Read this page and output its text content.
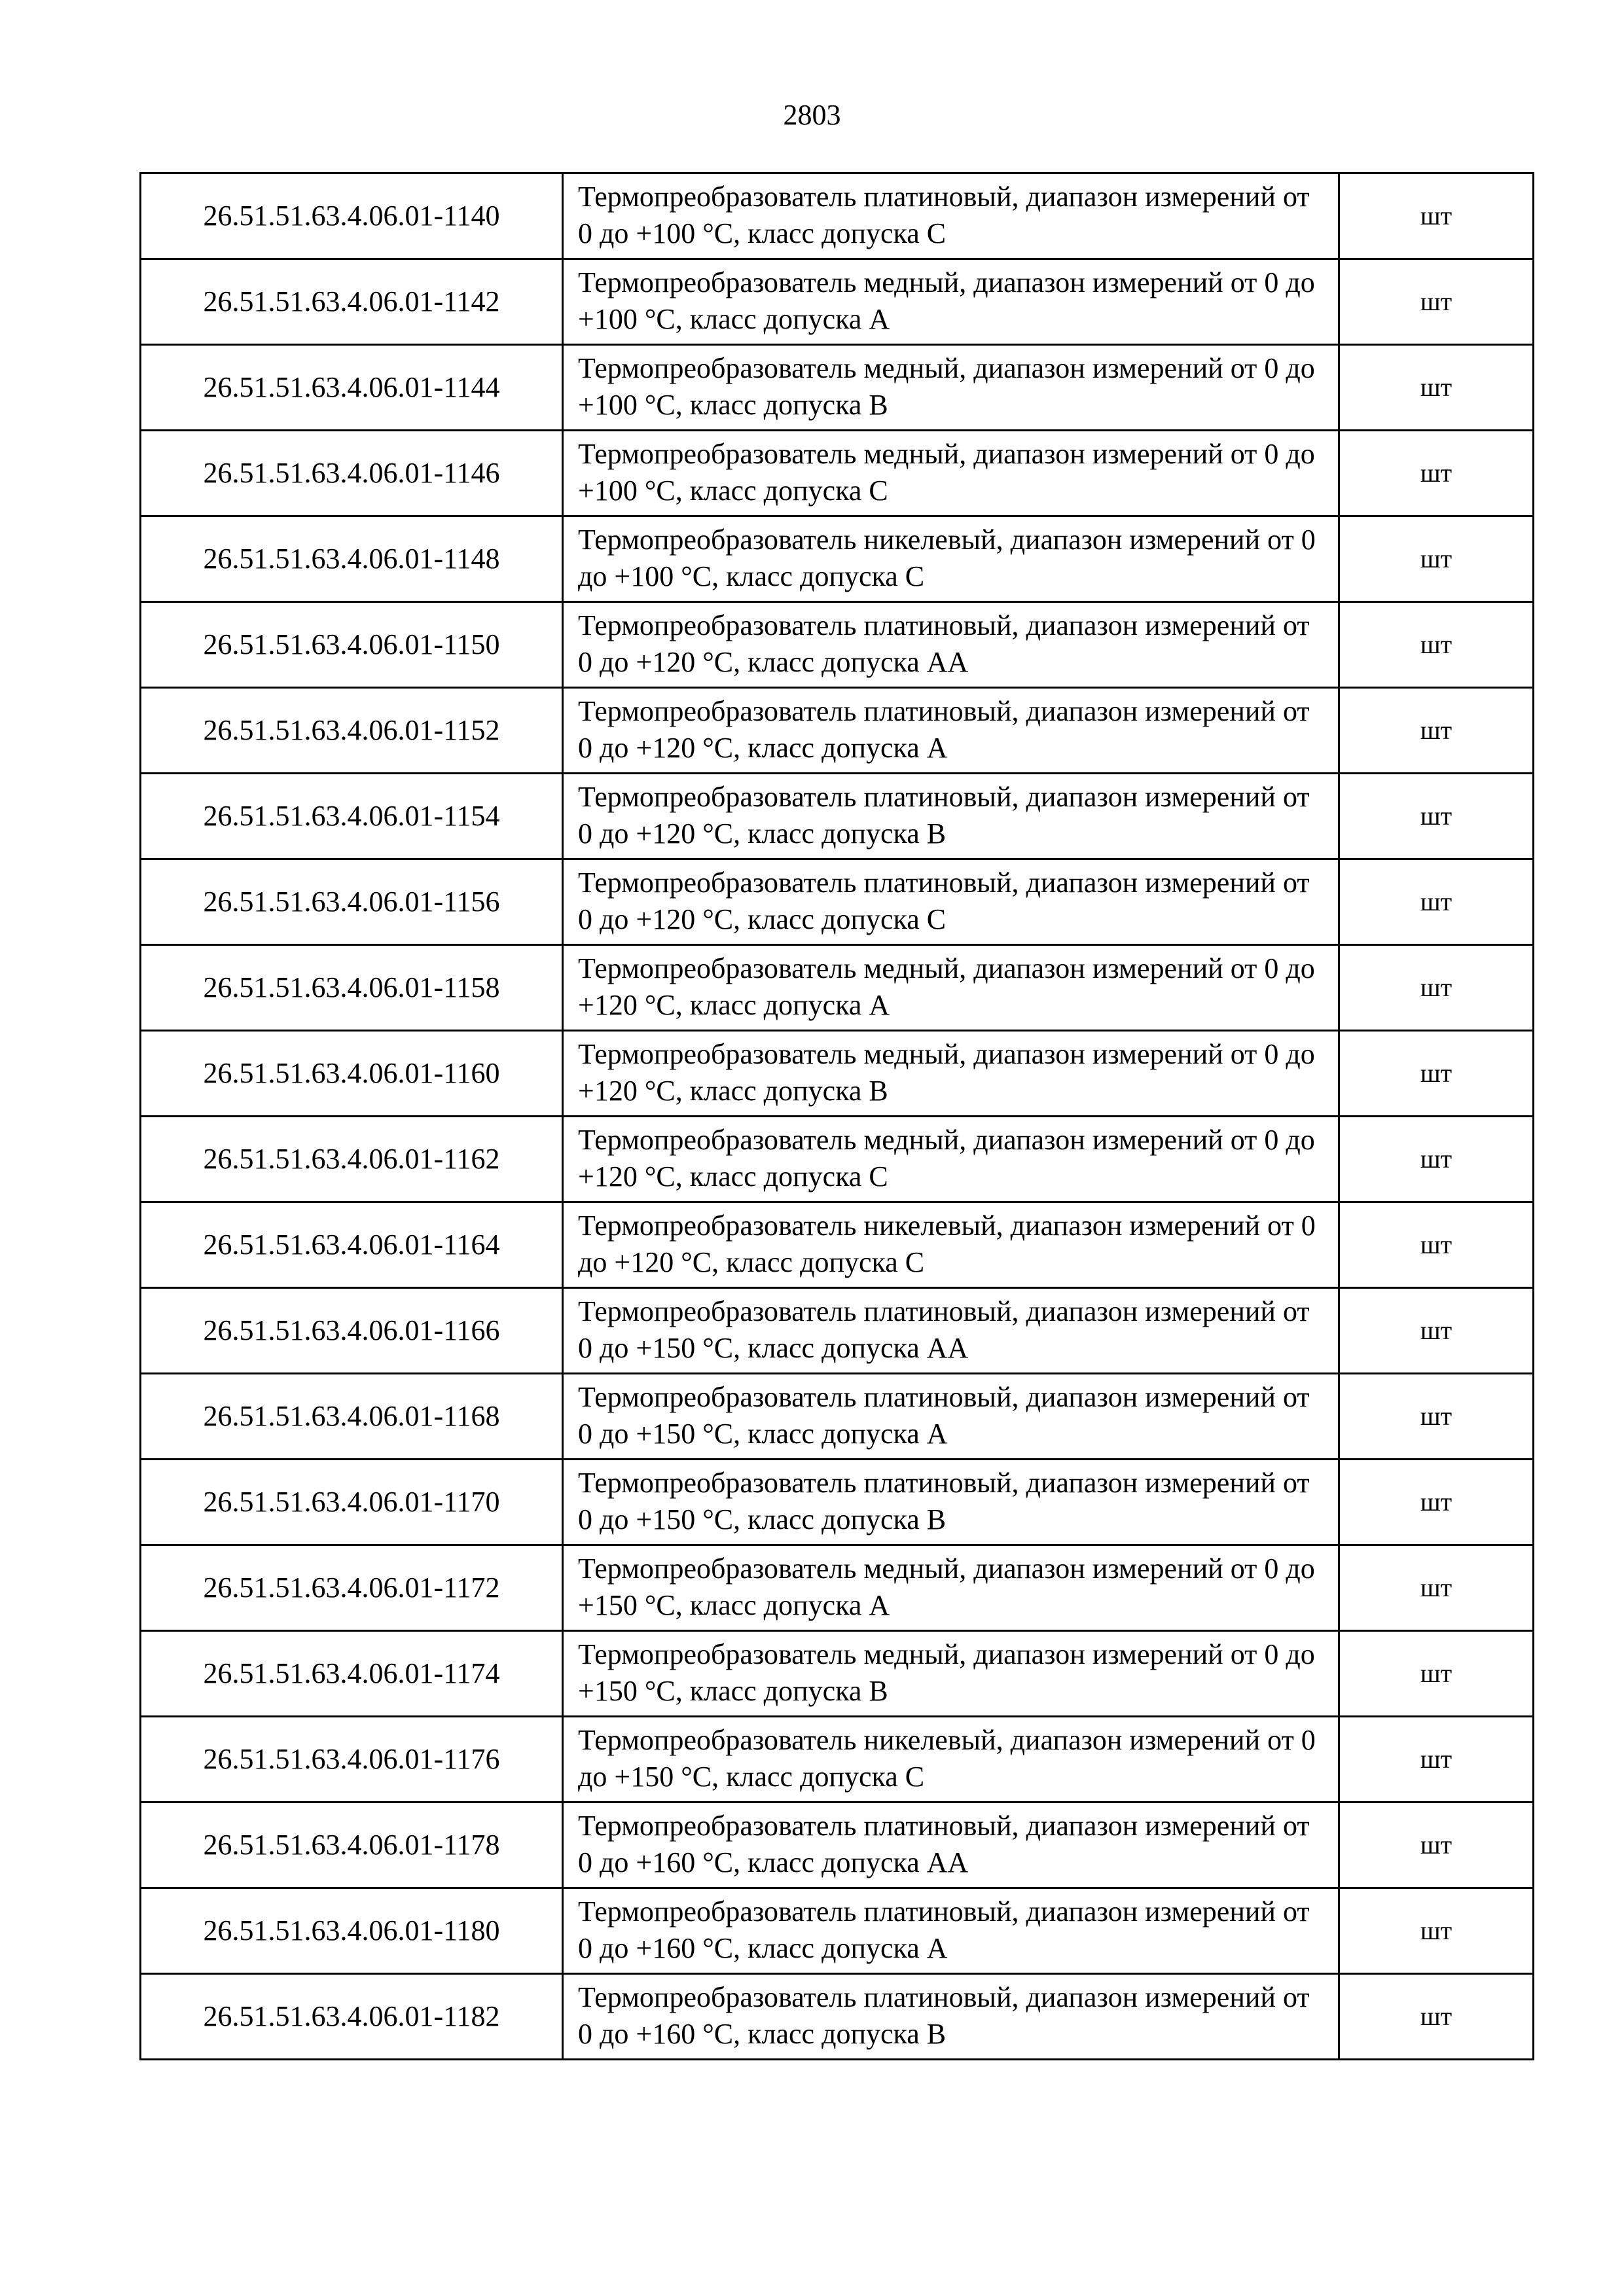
2803
26.51.51.63.4.06.01-1140	Термопреобразователь платиновый, диапазон измерений от 0 до +100 °C, класс допуска C	шт
26.51.51.63.4.06.01-1142	Термопреобразователь медный, диапазон измерений от 0 до +100 °C, класс допуска A	шт
26.51.51.63.4.06.01-1144	Термопреобразователь медный, диапазон измерений от 0 до +100 °C, класс допуска B	шт
26.51.51.63.4.06.01-1146	Термопреобразователь медный, диапазон измерений от 0 до +100 °C, класс допуска C	шт
26.51.51.63.4.06.01-1148	Термопреобразователь никелевый, диапазон измерений от 0 до +100 °C, класс допуска C	шт
26.51.51.63.4.06.01-1150	Термопреобразователь платиновый, диапазон измерений от 0 до +120 °C, класс допуска AA	шт
26.51.51.63.4.06.01-1152	Термопреобразователь платиновый, диапазон измерений от 0 до +120 °C, класс допуска A	шт
26.51.51.63.4.06.01-1154	Термопреобразователь платиновый, диапазон измерений от 0 до +120 °C, класс допуска B	шт
26.51.51.63.4.06.01-1156	Термопреобразователь платиновый, диапазон измерений от 0 до +120 °C, класс допуска C	шт
26.51.51.63.4.06.01-1158	Термопреобразователь медный, диапазон измерений от 0 до +120 °C, класс допуска A	шт
26.51.51.63.4.06.01-1160	Термопреобразователь медный, диапазон измерений от 0 до +120 °C, класс допуска B	шт
26.51.51.63.4.06.01-1162	Термопреобразователь медный, диапазон измерений от 0 до +120 °C, класс допуска C	шт
26.51.51.63.4.06.01-1164	Термопреобразователь никелевый, диапазон измерений от 0 до +120 °C, класс допуска C	шт
26.51.51.63.4.06.01-1166	Термопреобразователь платиновый, диапазон измерений от 0 до +150 °C, класс допуска AA	шт
26.51.51.63.4.06.01-1168	Термопреобразователь платиновый, диапазон измерений от 0 до +150 °C, класс допуска A	шт
26.51.51.63.4.06.01-1170	Термопреобразователь платиновый, диапазон измерений от 0 до +150 °C, класс допуска B	шт
26.51.51.63.4.06.01-1172	Термопреобразователь медный, диапазон измерений от 0 до +150 °C, класс допуска A	шт
26.51.51.63.4.06.01-1174	Термопреобразователь медный, диапазон измерений от 0 до +150 °C, класс допуска B	шт
26.51.51.63.4.06.01-1176	Термопреобразователь никелевый, диапазон измерений от 0 до +150 °C, класс допуска C	шт
26.51.51.63.4.06.01-1178	Термопреобразователь платиновый, диапазон измерений от 0 до +160 °C, класс допуска AA	шт
26.51.51.63.4.06.01-1180	Термопреобразователь платиновый, диапазон измерений от 0 до +160 °C, класс допуска A	шт
26.51.51.63.4.06.01-1182	Термопреобразователь платиновый, диапазон измерений от 0 до +160 °C, класс допуска B	шт
